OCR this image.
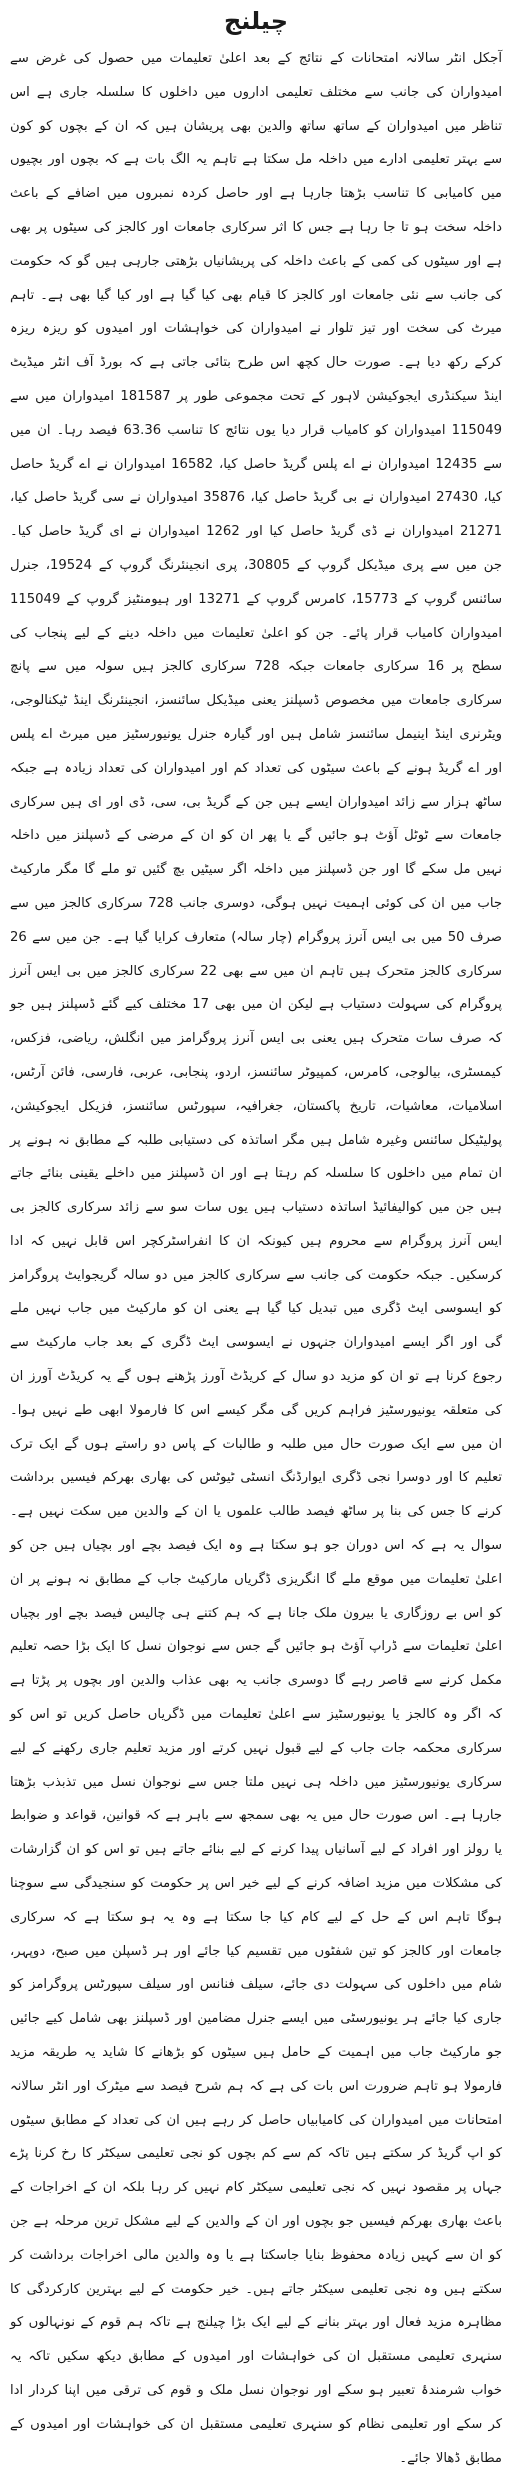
چیلنج

آجکل انٹر سالانہ امتحانات کے نتائج کے بعد اعلیٰ تعلیمات میں حصول کی غرض سے امیدواران کی جانب سے مختلف تعلیمی اداروں میں داخلوں کا سلسلہ جاری ہے اس تناظر میں امیدواران کے ساتھ ساتھ والدین بھی پریشان ہیں کہ ان کے بچوں کو کون سے بہتر تعلیمی ادارے میں داخلہ مل سکتا ہے تاہم یہ الگ بات ہے کہ بچوں اور بچیوں میں کامیابی کا تناسب بڑھتا جارہا ہے اور حاصل کردہ نمبروں میں اضافے کے باعث داخلہ سخت ہو تا جا رہا ہے جس کا اثر سرکاری جامعات اور کالجز کی سیٹوں پر بھی ہے اور سیٹوں کی کمی کے باعث داخلہ کی پریشانیاں بڑھتی جارہی ہیں گو کہ حکومت کی جانب سے نئی جامعات اور کالجز کا قیام بھی کیا گیا ہے اور کیا گیا بھی ہے۔ تاہم میرٹ کی سخت اور تیز تلوار نے امیدواران کی خواہشات اور امیدوں کو ریزہ ریزہ کرکے رکھ دیا ہے۔ صورت حال کچھ اس طرح بتائی جاتی ہے کہ بورڈ آف انٹر میڈیٹ اینڈ سیکنڈری ایجوکیشن لاہور کے تحت مجموعی طور پر 181587 امیدواران میں سے 115049 امیدواران کو کامیاب قرار دیا یوں نتائج کا تناسب 63.36 فیصد رہا۔ ان میں سے 12435 امیدواران نے اے پلس گریڈ حاصل کیا، 16582 امیدواران نے اے گریڈ حاصل کیا، 27430 امیدواران نے بی گریڈ حاصل کیا، 35876 امیدواران نے سی گریڈ حاصل کیا، 21271 امیدواران نے ڈی گریڈ حاصل کیا اور 1262 امیدواران نے ای گریڈ حاصل کیا۔ جن میں سے پری میڈیکل گروپ کے 30805، پری انجینئرنگ گروپ کے 19524، جنرل سائنس گروپ کے 15773، کامرس گروپ کے 13271 اور ہیومنٹیز گروپ کے 115049 امیدواران کامیاب قرار پائے۔ جن کو اعلیٰ تعلیمات میں داخلہ دینے کے لیے پنجاب کی سطح پر 16 سرکاری جامعات جبکہ 728 سرکاری کالجز ہیں سولہ میں سے پانچ سرکاری جامعات میں مخصوص ڈسپلنز یعنی میڈیکل سائنسز، انجینئرنگ اینڈ ٹیکنالوجی، ویٹرنری اینڈ اینیمل سائنسز شامل ہیں اور گیارہ جنرل یونیورسٹیز میں میرٹ اے پلس اور اے گریڈ ہونے کے باعث سیٹوں کی تعداد کم اور امیدواران کی تعداد زیادہ ہے جبکہ ساٹھ ہزار سے زائد امیدواران ایسے ہیں جن کے گریڈ بی، سی، ڈی اور ای ہیں سرکاری جامعات سے ٹوٹل آؤٹ ہو جائیں گے یا پھر ان کو ان کے مرضی کے ڈسپلنز میں داخلہ نہیں مل سکے گا اور جن ڈسپلنز میں داخلہ اگر سیٹیں بچ گئیں تو ملے گا مگر مارکیٹ جاب میں ان کی کوئی اہمیت نہیں ہوگی، دوسری جانب 728 سرکاری کالجز میں سے صرف 50 میں بی ایس آنرز پروگرام (چار سالہ) متعارف کرایا گیا ہے۔ جن میں سے 26 سرکاری کالجز متحرک ہیں تاہم ان میں سے بھی 22 سرکاری کالجز میں بی ایس آنرز پروگرام کی سہولت دستیاب ہے لیکن ان میں بھی 17 مختلف کیے گئے ڈسپلنز ہیں جو کہ صرف سات متحرک ہیں یعنی بی ایس آنرز پروگرامز میں انگلش، ریاضی، فزکس، کیمسٹری، بیالوجی، کامرس، کمپیوٹر سائنسز، اردو، پنجابی، عربی، فارسی، فائن آرٹس، اسلامیات، معاشیات، تاریخ پاکستان، جغرافیہ، سپورٹس سائنسز، فزیکل ایجوکیشن، پولیٹیکل سائنس وغیرہ شامل ہیں مگر اساتذہ کی دستیابی طلبہ کے مطابق نہ ہونے پر ان تمام میں داخلوں کا سلسلہ کم رہتا ہے اور ان ڈسپلنز میں داخلے یقینی بنائے جاتے ہیں جن میں کوالیفائیڈ اساتذہ دستیاب ہیں یوں سات سو سے زائد سرکاری کالجز بی ایس آنرز پروگرام سے محروم ہیں کیونکہ ان کا انفراسٹرکچر اس قابل نہیں کہ ادا کرسکیں۔ جبکہ حکومت کی جانب سے سرکاری کالجز میں دو سالہ گریجوایٹ پروگرامز کو ایسوسی ایٹ ڈگری میں تبدیل کیا گیا ہے یعنی ان کو مارکیٹ میں جاب نہیں ملے گی اور اگر ایسے امیدواران جنہوں نے ایسوسی ایٹ ڈگری کے بعد جاب مارکیٹ سے رجوع کرنا ہے تو ان کو مزید دو سال کے کریڈٹ آورز پڑھنے ہوں گے یہ کریڈٹ آورز ان کی متعلقہ یونیورسٹیز فراہم کریں گی مگر کیسے اس کا فارمولا ابھی طے نہیں ہوا۔ ان میں سے ایک صورت حال میں طلبہ و طالبات کے پاس دو راستے ہوں گے ایک ترک تعلیم کا اور دوسرا نجی ڈگری ایوارڈنگ انسٹی ٹیوٹس کی بھاری بھرکم فیسیں برداشت کرنے کا جس کی بنا پر ساٹھ فیصد طالب علموں یا ان کے والدین میں سکت نہیں ہے۔ سوال یہ ہے کہ اس دوران جو ہو سکتا ہے وہ ایک فیصد بچے اور بچیاں ہیں جن کو اعلیٰ تعلیمات میں موقع ملے گا انگریزی ڈگریاں مارکیٹ جاب کے مطابق نہ ہونے پر ان کو اس بے روزگاری یا بیرون ملک جانا ہے کہ ہم کتنے ہی چالیس فیصد بچے اور بچیاں اعلیٰ تعلیمات سے ڈراپ آؤٹ ہو جائیں گے جس سے نوجوان نسل کا ایک بڑا حصہ تعلیم مکمل کرنے سے قاصر رہے گا دوسری جانب یہ بھی عذاب والدین اور بچوں پر پڑتا ہے کہ اگر وہ کالجز یا یونیورسٹیز سے اعلیٰ تعلیمات میں ڈگریاں حاصل کریں تو اس کو سرکاری محکمہ جات جاب کے لیے قبول نہیں کرتے اور مزید تعلیم جاری رکھنے کے لیے سرکاری یونیورسٹیز میں داخلہ ہی نہیں ملتا جس سے نوجوان نسل میں تذبذب بڑھتا جارہا ہے۔ اس صورت حال میں یہ بھی سمجھ سے باہر ہے کہ قوانین، قواعد و ضوابط یا رولز اور افراد کے لیے آسانیاں پیدا کرنے کے لیے بنائے جاتے ہیں تو اس کو ان گزارشات کی مشکلات میں مزید اضافہ کرنے کے لیے خیر اس پر حکومت کو سنجیدگی سے سوچنا ہوگا تاہم اس کے حل کے لیے کام کیا جا سکتا ہے وہ یہ ہو سکتا ہے کہ سرکاری جامعات اور کالجز کو تین شفٹوں میں تقسیم کیا جائے اور ہر ڈسپلن میں صبح، دوپہر، شام میں داخلوں کی سہولت دی جائے، سیلف فنانس اور سیلف سپورٹس پروگرامز کو جاری کیا جائے ہر یونیورسٹی میں ایسے جنرل مضامین اور ڈسپلنز بھی شامل کیے جائیں جو مارکیٹ جاب میں اہمیت کے حامل ہیں سیٹوں کو بڑھانے کا شاید یہ طریقہ مزید فارمولا ہو تاہم ضرورت اس بات کی ہے کہ ہم شرح فیصد سے میٹرک اور انٹر سالانہ امتحانات میں امیدواران کی کامیابیاں حاصل کر رہے ہیں ان کی تعداد کے مطابق سیٹوں کو اپ گریڈ کر سکتے ہیں تاکہ کم سے کم بچوں کو نجی تعلیمی سیکٹر کا رخ کرنا پڑے جہاں پر مقصود نہیں کہ نجی تعلیمی سیکٹر کام نہیں کر رہا بلکہ ان کے اخراجات کے باعث بھاری بھرکم فیسیں جو بچوں اور ان کے والدین کے لیے مشکل ترین مرحلہ ہے جن کو ان سے کہیں زیادہ محفوظ بنایا جاسکتا ہے یا وہ والدین مالی اخراجات برداشت کر سکتے ہیں وہ نجی تعلیمی سیکٹر جاتے ہیں۔ خیر حکومت کے لیے بہترین کارکردگی کا مظاہرہ مزید فعال اور بہتر بنانے کے لیے ایک بڑا چیلنج ہے تاکہ ہم قوم کے نونہالوں کو سنہری تعلیمی مستقبل ان کی خواہشات اور امیدوں کے مطابق دیکھ سکیں تاکہ یہ خواب شرمندۂ تعبیر ہو سکے اور نوجوان نسل ملک و قوم کی ترقی میں اپنا کردار ادا کر سکے اور تعلیمی نظام کو سنہری تعلیمی مستقبل ان کی خواہشات اور امیدوں کے مطابق ڈھالا جائے۔
